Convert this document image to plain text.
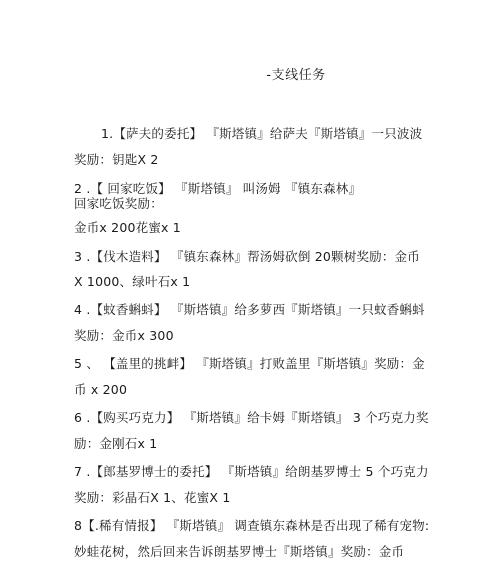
-支线任务
1.【萨夫的委托】 『斯塔镇』给萨夫『斯塔镇』一只波波
奖励：钥匙X 2
2 .【 回家吃饭】 『斯塔镇』 叫汤姆 『镇东森林』
回家吃饭奖励：
金币x 200花蜜x 1
3 .【伐木造料】 『镇东森林』帮汤姆砍倒 20颗树奖励：金币
X 1000、绿叶石x 1
4 .【蚊香蝌蚪】 『斯塔镇』给多萝西『斯塔镇』一只蚊香蝌蚪
奖励：金币x 300
5 、 【盖里的挑衅】 『斯塔镇』打败盖里『斯塔镇』奖励：金
币 x 200
6 .【购买巧克力】 『斯塔镇』给卡姆『斯塔镇』 3 个巧克力奖
励：金刚石x 1
7 .【郎基罗博士的委托】 『斯塔镇』给朗基罗博士 5 个巧克力
奖励：彩晶石X 1、花蜜X 1
8【.稀有情报】 『斯塔镇』 调查镇东森林是否出现了稀有宠物:
妙蛙花树，然后回来告诉朗基罗博士『斯塔镇』奖励：金币
